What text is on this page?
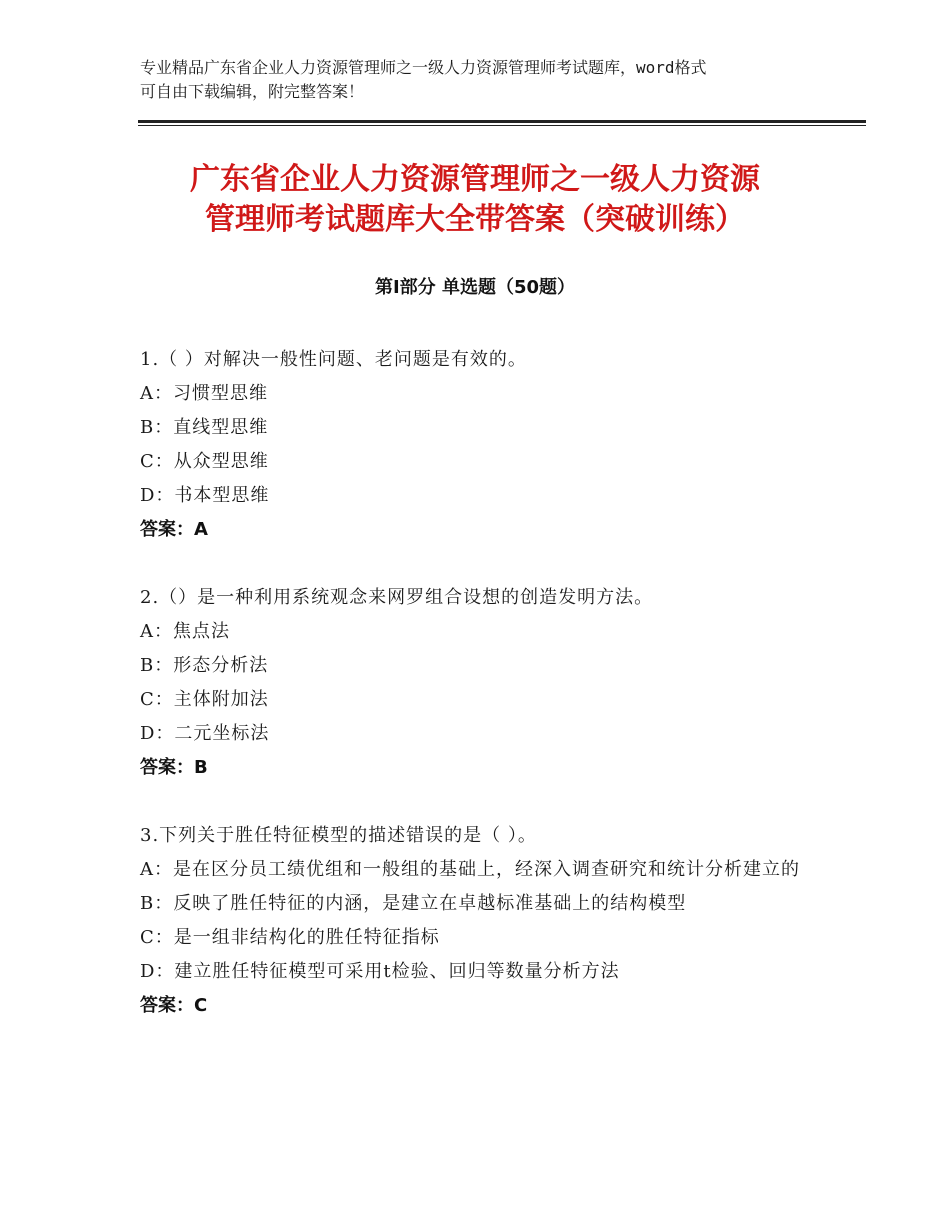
专业精品广东省企业人力资源管理师之一级人力资源管理师考试题库，word格式
可自由下载编辑，附完整答案！
广东省企业人力资源管理师之一级人力资源
管理师考试题库大全带答案（突破训练）
第Ⅰ部分 单选题（50题）
1.（ ）对解决一般性问题、老问题是有效的。
A：习惯型思维
B：直线型思维
C：从众型思维
D：书本型思维
答案：A
2.（）是一种利用系统观念来网罗组合设想的创造发明方法。
A：焦点法
B：形态分析法
C：主体附加法
D：二元坐标法
答案：B
3.下列关于胜任特征模型的描述错误的是（ ）。
A：是在区分员工绩优组和一般组的基础上，经深入调查研究和统计分析建立的
B：反映了胜任特征的内涵，是建立在卓越标准基础上的结构模型
C：是一组非结构化的胜任特征指标
D：建立胜任特征模型可采用t检验、回归等数量分析方法
答案：C
